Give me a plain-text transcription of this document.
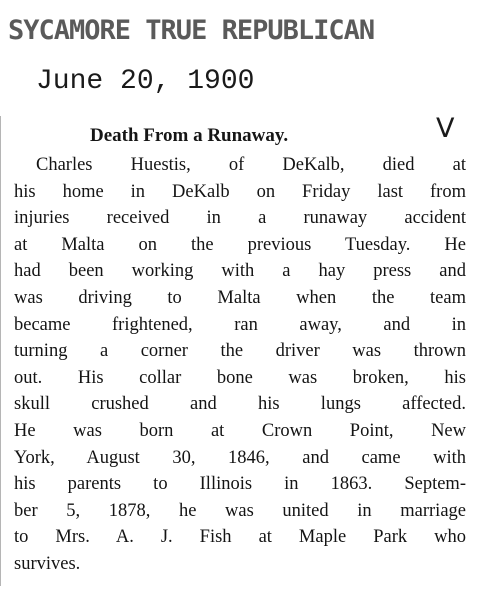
SYCAMORE TRUE REPUBLICAN
June 20, 1900
Death From a Runaway.	V
Charles Huestis, of DeKalb, died at
his home in DeKalb on Friday last from
injuries received in a runaway accident
at Malta on the previous Tuesday. He
had been working with a hay press and
was driving to Malta when the team
became frightened, ran away, and in
turning a corner the driver was thrown
out. His collar bone was broken, his
skull crushed and his lungs affected.
He was born at Crown Point, New
York, August 30, 1846, and came with
his parents to Illinois in 1863. Septem-
ber 5, 1878, he was united in marriage
to Mrs. A. J. Fish at Maple Park who
survives.
